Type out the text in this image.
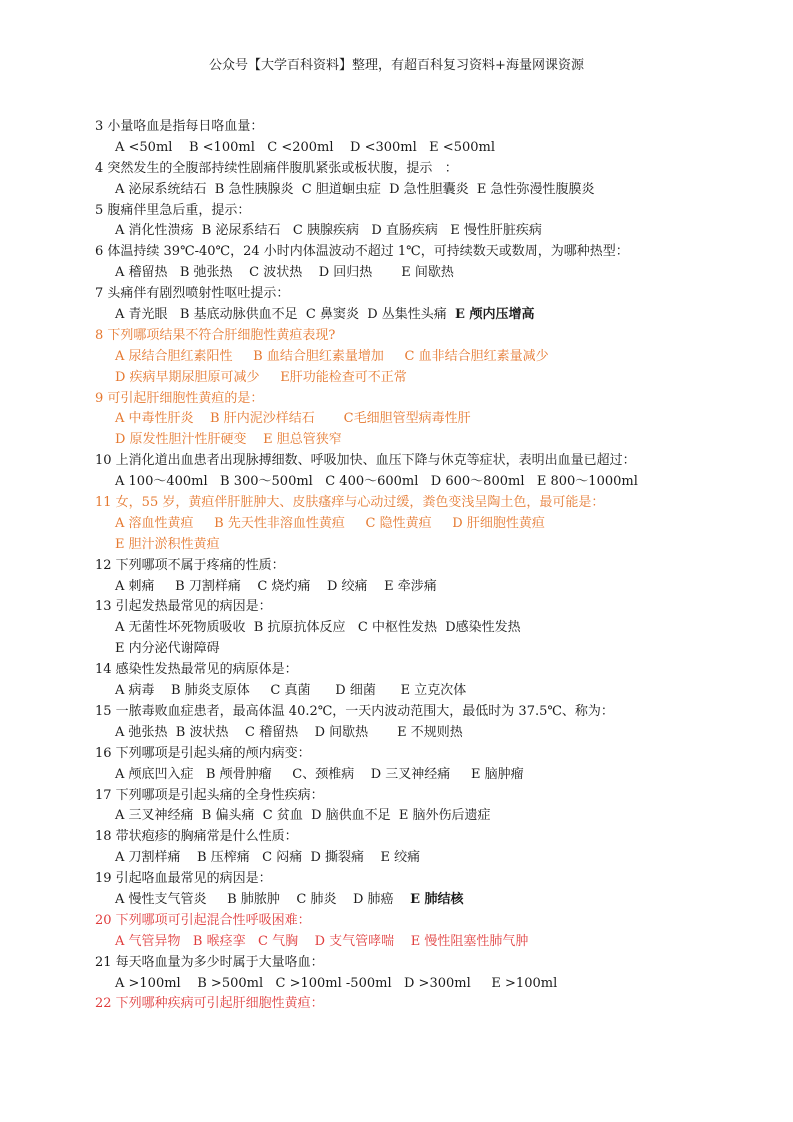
公众号【大学百科资料】整理，有超百科复习资料+海量网课资源
3 小量咯血是指每日咯血量：
A <50ml    B <100ml   C <200ml    D <300ml   E <500ml
4 突然发生的全腹部持续性剧痛伴腹肌紧张或板状腹，提示   ：
A 泌尿系统结石  B 急性胰腺炎  C 胆道蛔虫症  D 急性胆囊炎  E 急性弥漫性腹膜炎
5 腹痛伴里急后重，提示：
A 消化性溃疡  B 泌尿系结石   C 胰腺疾病   D 直肠疾病   E 慢性肝脏疾病
6 体温持续 39℃-40℃，24 小时内体温波动不超过 1℃，可持续数天或数周，为哪种热型：
A 稽留热   B 弛张热    C 波状热    D 回归热       E 间歇热
7 头痛伴有剧烈喷射性呕吐提示：
A 青光眼   B 基底动脉供血不足  C 鼻窦炎  D 丛集性头痛  E 颅内压增高
8 下列哪项结果不符合肝细胞性黄疸表现?
A 尿结合胆红素阳性     B 血结合胆红素量增加     C 血非结合胆红素量减少
D 疾病早期尿胆原可减少     E肝功能检查可不正常
9 可引起肝细胞性黄疸的是：
A 中毒性肝炎    B 肝内泥沙样结石       C毛细胆管型病毒性肝
D 原发性胆汁性肝硬变    E 胆总管狭窄
10 上消化道出血患者出现脉搏细数、呼吸加快、血压下降与休克等症状，表明出血量已超过：
A 100～400ml   B 300～500ml   C 400～600ml   D 600～800ml   E 800～1000ml
11 女，55 岁，黄疸伴肝脏肿大、皮肤瘙痒与心动过缓，粪色变浅呈陶土色，最可能是：
A 溶血性黄疸     B 先天性非溶血性黄疸     C 隐性黄疸     D 肝细胞性黄疸
E 胆汁淤积性黄疸
12 下列哪项不属于疼痛的性质：
A 刺痛     B 刀割样痛    C 烧灼痛    D 绞痛    E 牵涉痛
13 引起发热最常见的病因是：
A 无菌性坏死物质吸收  B 抗原抗体反应   C 中枢性发热  D感染性发热
E 内分泌代谢障碍
14 感染性发热最常见的病原体是：
A 病毒    B 肺炎支原体     C 真菌      D 细菌      E 立克次体
15 一脓毒败血症患者，最高体温 40.2℃，一天内波动范围大，最低时为 37.5℃、称为：
A 弛张热  B 波状热    C 稽留热    D 间歇热       E 不规则热
16 下列哪项是引起头痛的颅内病变：
A 颅底凹入症   B 颅骨肿瘤     C、颈椎病    D 三叉神经痛     E 脑肿瘤
17 下列哪项是引起头痛的全身性疾病：
A 三叉神经痛  B 偏头痛  C 贫血  D 脑供血不足  E 脑外伤后遗症
18 带状疱疹的胸痛常是什么性质：
A 刀割样痛    B 压榨痛   C 闷痛  D 撕裂痛    E 绞痛
19 引起咯血最常见的病因是：
A 慢性支气管炎     B 肺脓肿    C 肺炎    D 肺癌    E 肺结核
20 下列哪项可引起混合性呼吸困难：
A 气管异物   B 喉痉挛   C 气胸    D 支气管哮喘    E 慢性阻塞性肺气肿
21 每天咯血量为多少时属于大量咯血：
A >100ml    B >500ml   C >100ml -500ml   D >300ml     E >100ml
22 下列哪种疾病可引起肝细胞性黄疸：
